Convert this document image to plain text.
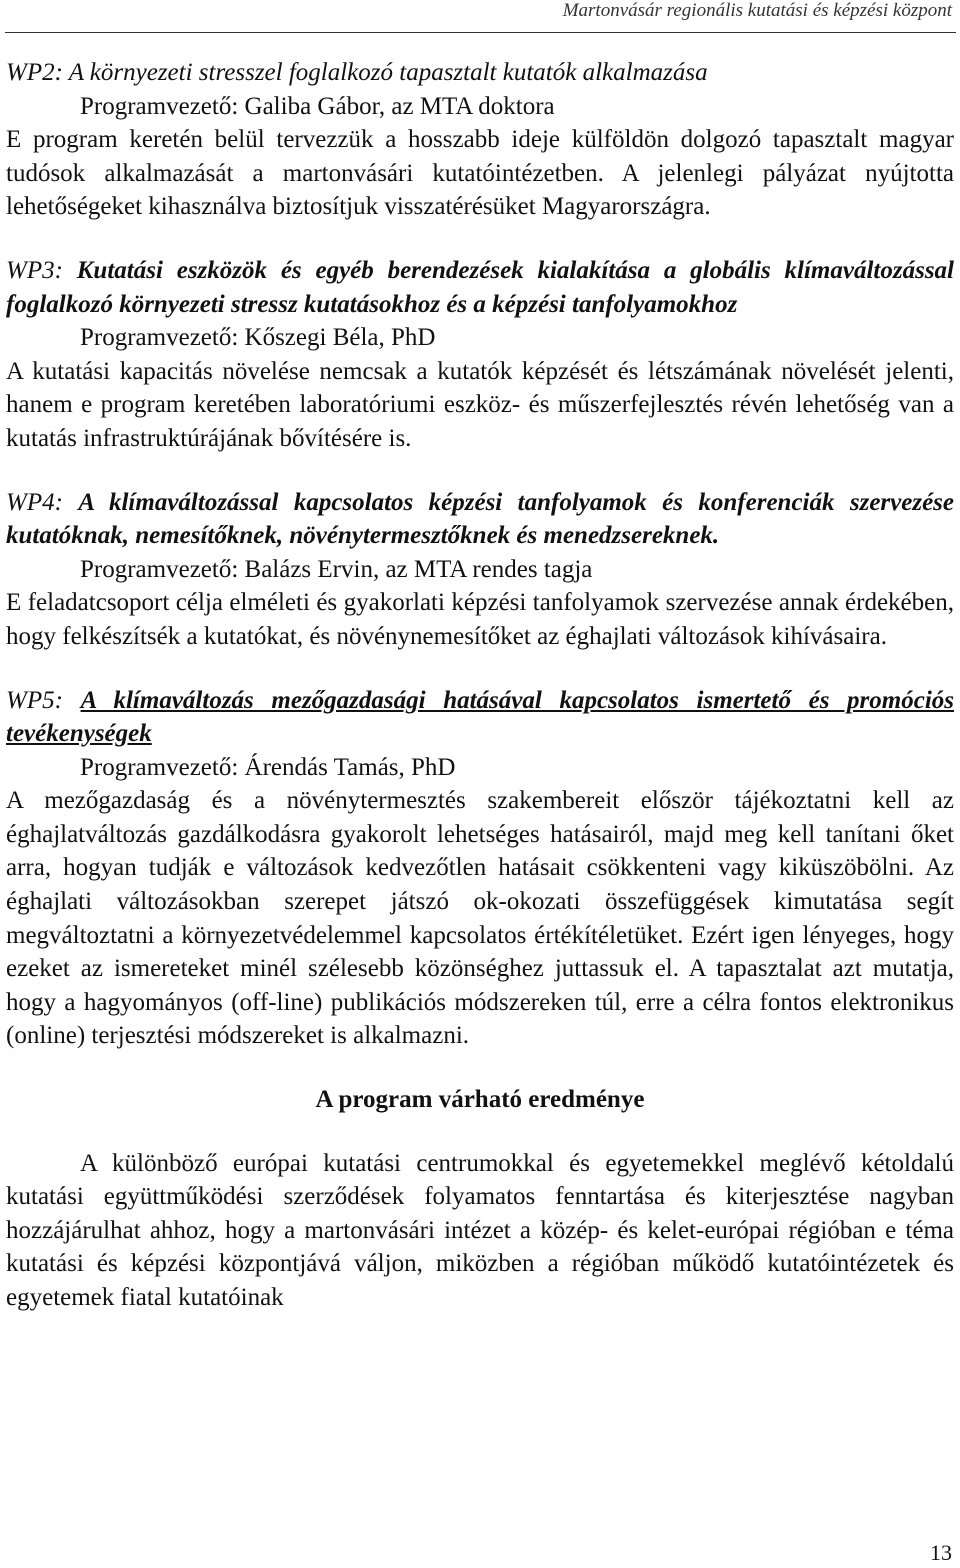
Martonvásár regionális kutatási és képzési központ

WP2: A környezeti stresszel foglalkozó tapasztalt kutatók alkalmazása

Programvezető: Galiba Gábor, az MTA doktora

E program keretén belül tervezzük a hosszabb ideje külföldön dolgozó tapasztalt magyar tudósok alkalmazását a martonvásári kutatóintézetben. A jelenlegi pályázat nyújtotta lehetőségeket kihasználva biztosítjuk visszatérésüket Magyarországra.

WP3: Kutatási eszközök és egyéb berendezések kialakítása a globális klímaváltozással foglalkozó környezeti stressz kutatásokhoz és a képzési tanfolyamokhoz

Programvezető: Kőszegi Béla, PhD

A kutatási kapacitás növelése nemcsak a kutatók képzését és létszámának növelését jelenti, hanem e program keretében laboratóriumi eszköz- és műszerfejlesztés révén lehetőség van a kutatás infrastruktúrájának bővítésére is.

WP4: A klímaváltozással kapcsolatos képzési tanfolyamok és konferenciák szervezése kutatóknak, nemesítőknek, növénytermesztőknek és menedzsereknek.

Programvezető: Balázs Ervin, az MTA rendes tagja

E feladatcsoport célja elméleti és gyakorlati képzési tanfolyamok szervezése annak érdekében, hogy felkészítsék a kutatókat, és növénynemesítőket az éghajlati változások kihívásaira.

WP5: A klímaváltozás mezőgazdasági hatásával kapcsolatos ismertető és promóciós tevékenységek

Programvezető: Árendás Tamás, PhD

A mezőgazdaság és a növénytermesztés szakembereit először tájékoztatni kell az éghajlatváltozás gazdálkodásra gyakorolt lehetséges hatásairól, majd meg kell tanítani őket arra, hogyan tudják e változások kedvezőtlen hatásait csökkenteni vagy kiküszöbölni. Az éghajlati változásokban szerepet játszó ok-okozati összefüggések kimutatása segít megváltoztatni a környezetvédelemmel kapcsolatos értékítéletüket. Ezért igen lényeges, hogy ezeket az ismereteket minél szélesebb közönséghez juttassuk el. A tapasztalat azt mutatja, hogy a hagyományos (off-line) publikációs módszereken túl, erre a célra fontos elektronikus (online) terjesztési módszereket is alkalmazni.

A program várható eredménye

A különböző európai kutatási centrumokkal és egyetemekkel meglévő kétoldalú kutatási együttműködési szerződések folyamatos fenntartása és kiterjesztése nagyban hozzájárulhat ahhoz, hogy a martonvásári intézet a közép- és kelet-európai régióban e téma kutatási és képzési központjává váljon, miközben a régióban működő kutatóintézetek és egyetemek fiatal kutatóinak

13
